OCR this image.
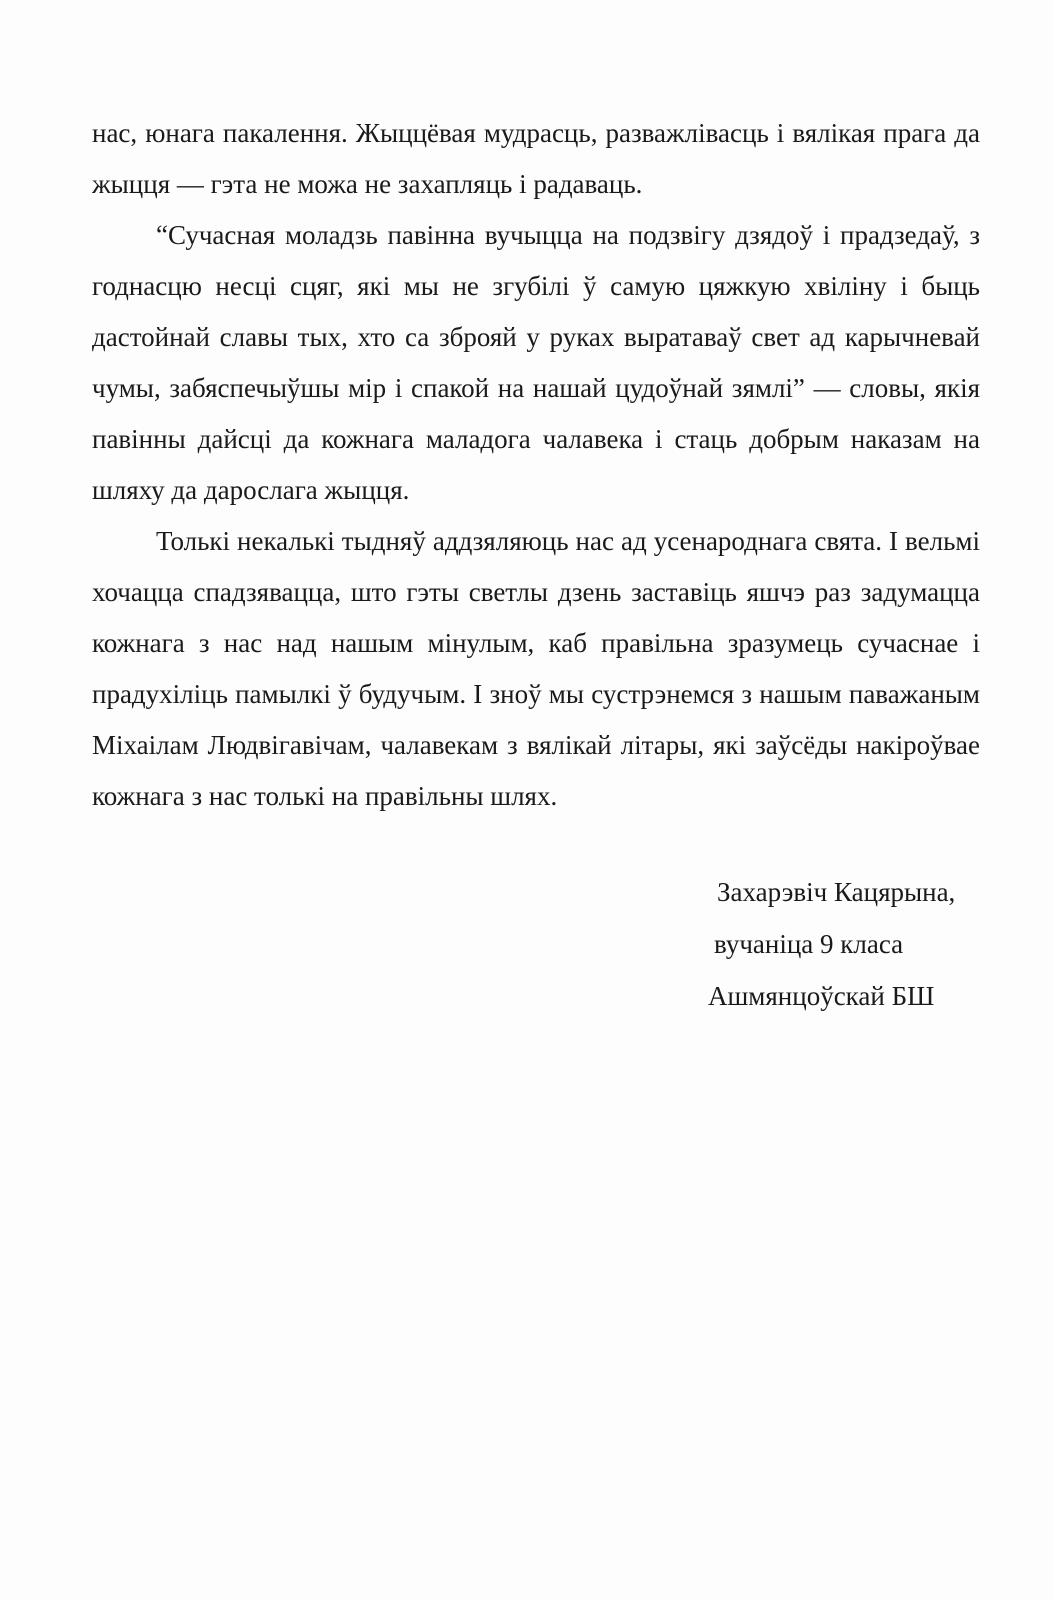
нас, юнага пакалення. Жыццёвая мудрасць, разважлівасць і вялікая прага да жыцця — гэта не можа не захапляць і радаваць.

“Сучасная моладзь павінна вучыцца на подзвігу дзядоў і прадзедаў, з годнасцю несці сцяг, які мы не згубілі ў самую цяжкую хвіліну і быць дастойнай славы тых, хто са зброяй у руках выратаваў свет ад карычневай чумы, забяспечыўшы мір і спакой на нашай цудоўнай зямлі” — словы, якія павінны дайсці да кожнага маладога чалавека і стаць добрым наказам на шляху да дарослага жыцця.

Толькі некалькі тыдняў аддзяляюць нас ад усенароднага свята. І вельмі хочацца спадзявацца, што гэты светлы дзень заставіць яшчэ раз задумацца кожнага з нас над нашым мінулым, каб правільна зразумець сучаснае і прадухіліць памылкі ў будучым. І зноў мы сустрэнемся з нашым паважаным Міхаілам Людвігавічам, чалавекам з вялікай літары, які заўсёды накіроўвае кожнага з нас толькі на правільны шлях.

Захарэвіч Кацярына,
вучаніца 9 класа
Ашмянцоўскай БШ
